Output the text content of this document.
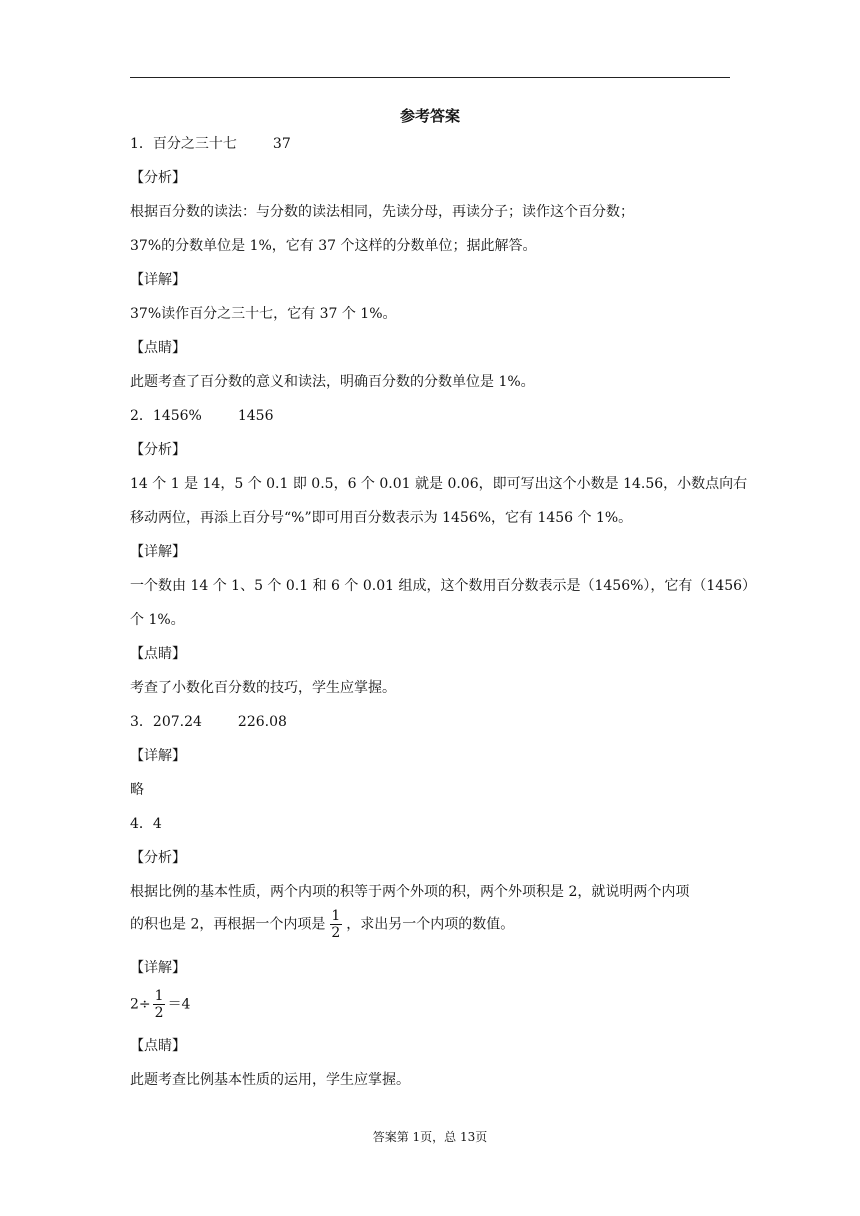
参考答案
1．百分之三十七	37
【分析】
根据百分数的读法：与分数的读法相同，先读分母，再读分子；读作这个百分数；
37%的分数单位是 1%，它有 37 个这样的分数单位；据此解答。
【详解】
37%读作百分之三十七，它有 37 个 1%。
【点睛】
此题考查了百分数的意义和读法，明确百分数的分数单位是 1%。
2．1456%	1456
【分析】
14 个 1 是 14，5 个 0.1 即 0.5，6 个 0.01 就是 0.06，即可写出这个小数是 14.56，小数点向右
移动两位，再添上百分号“%”即可用百分数表示为 1456%，它有 1456 个 1%。
【详解】
一个数由 14 个 1、5 个 0.1 和 6 个 0.01 组成，这个数用百分数表示是（1456%），它有（1456）
个 1%。
【点睛】
考查了小数化百分数的技巧，学生应掌握。
3．207.24	226.08
【详解】
略
4．4
【分析】
根据比例的基本性质，两个内项的积等于两个外项的积，两个外项积是 2，就说明两个内项
的积也是 2，再根据一个内项是 $\frac{1}{2}$ ，求出另一个内项的数值。
【详解】
$2\div \frac{1}{2} =4$
【点睛】
此题考查比例基本性质的运用，学生应掌握。
答案第 1页，总 13页
